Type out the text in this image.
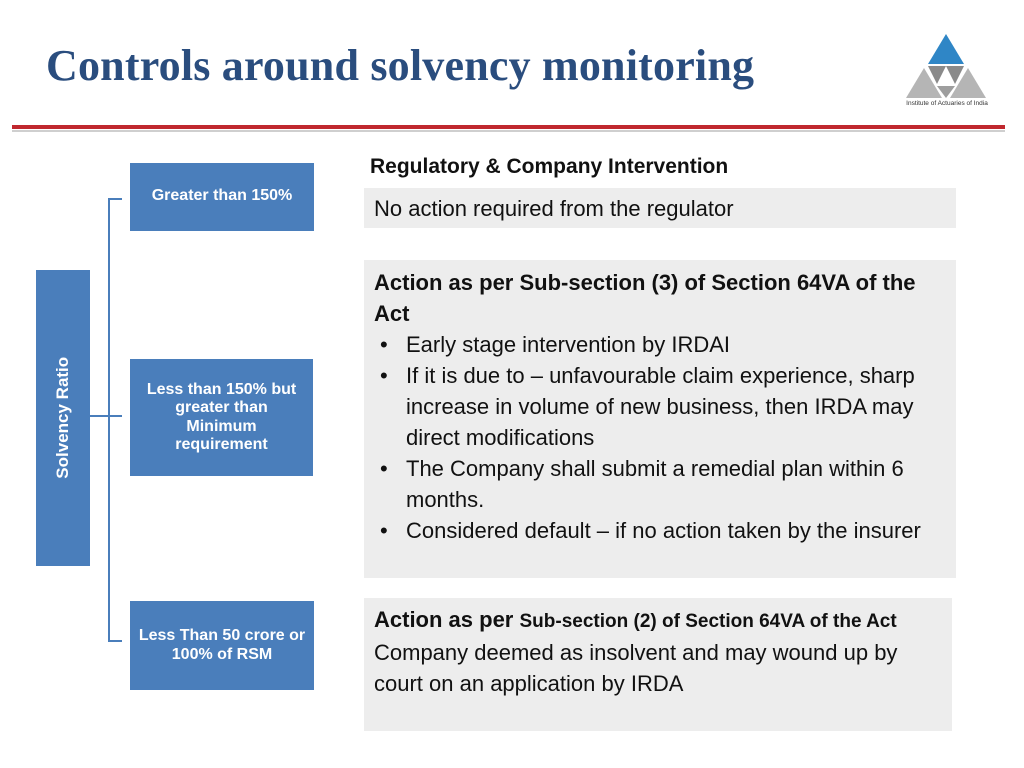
Controls around solvency monitoring
Institute of Actuaries of India
Solvency Ratio
Greater than 150%
Less than 150% but greater than Minimum requirement
Less Than 50 crore or 100% of RSM
Regulatory & Company Intervention
No action required from the regulator
Action as per Sub-section (3) of Section 64VA of the Act
• Early stage intervention by IRDAI
• If it is due to – unfavourable claim experience, sharp increase in volume of new business, then IRDA may direct modifications
• The Company shall submit a remedial plan within 6 months.
• Considered default – if no action taken by the insurer
Action as per Sub-section (2) of Section 64VA of the Act
Company deemed as insolvent and may wound up by court on an application by IRDA
